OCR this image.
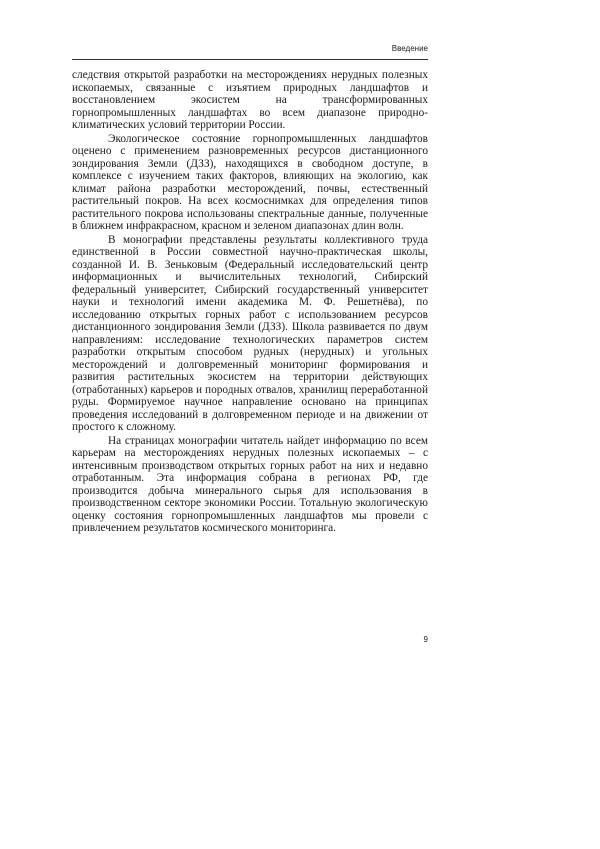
Введение

следствия открытой разработки на месторождениях нерудных полезных ископаемых, связанные с изъятием природных ландшафтов и восстановлением экосистем на трансформированных горнопромышленных ландшафтах во всем диапазоне природно-климатических условий территории России.

Экологическое состояние горнопромышленных ландшафтов оценено с применением разновременных ресурсов дистанционного зондирования Земли (ДЗЗ), находящихся в свободном доступе, в комплексе с изучением таких факторов, влияющих на экологию, как климат района разработки месторождений, почвы, естественный растительный покров. На всех космоснимках для определения типов растительного покрова использованы спектральные данные, полученные в ближнем инфракрасном, красном и зеленом диапазонах длин волн.

В монографии представлены результаты коллективного труда единственной в России совместной научно-практическая школы, созданной И. В. Зеньковым (Федеральный исследовательский центр информационных и вычислительных технологий, Сибирский федеральный университет, Сибирский государственный университет науки и технологий имени академика М. Ф. Решетнёва), по исследованию открытых горных работ с использованием ресурсов дистанционного зондирования Земли (ДЗЗ). Школа развивается по двум направлениям: исследование технологических параметров систем разработки открытым способом рудных (нерудных) и угольных месторождений и долговременный мониторинг формирования и развития растительных экосистем на территории действующих (отработанных) карьеров и породных отвалов, хранилищ переработанной руды. Формируемое научное направление основано на принципах проведения исследований в долговременном периоде и на движении от простого к сложному.

На страницах монографии читатель найдет информацию по всем карьерам на месторождениях нерудных полезных ископаемых – с интенсивным производством открытых горных работ на них и недавно отработанным. Эта информация собрана в регионах РФ, где производится добыча минерального сырья для использования в производственном секторе экономики России. Тотальную экологическую оценку состояния горнопромышленных ландшафтов мы провели с привлечением результатов космического мониторинга.

9
